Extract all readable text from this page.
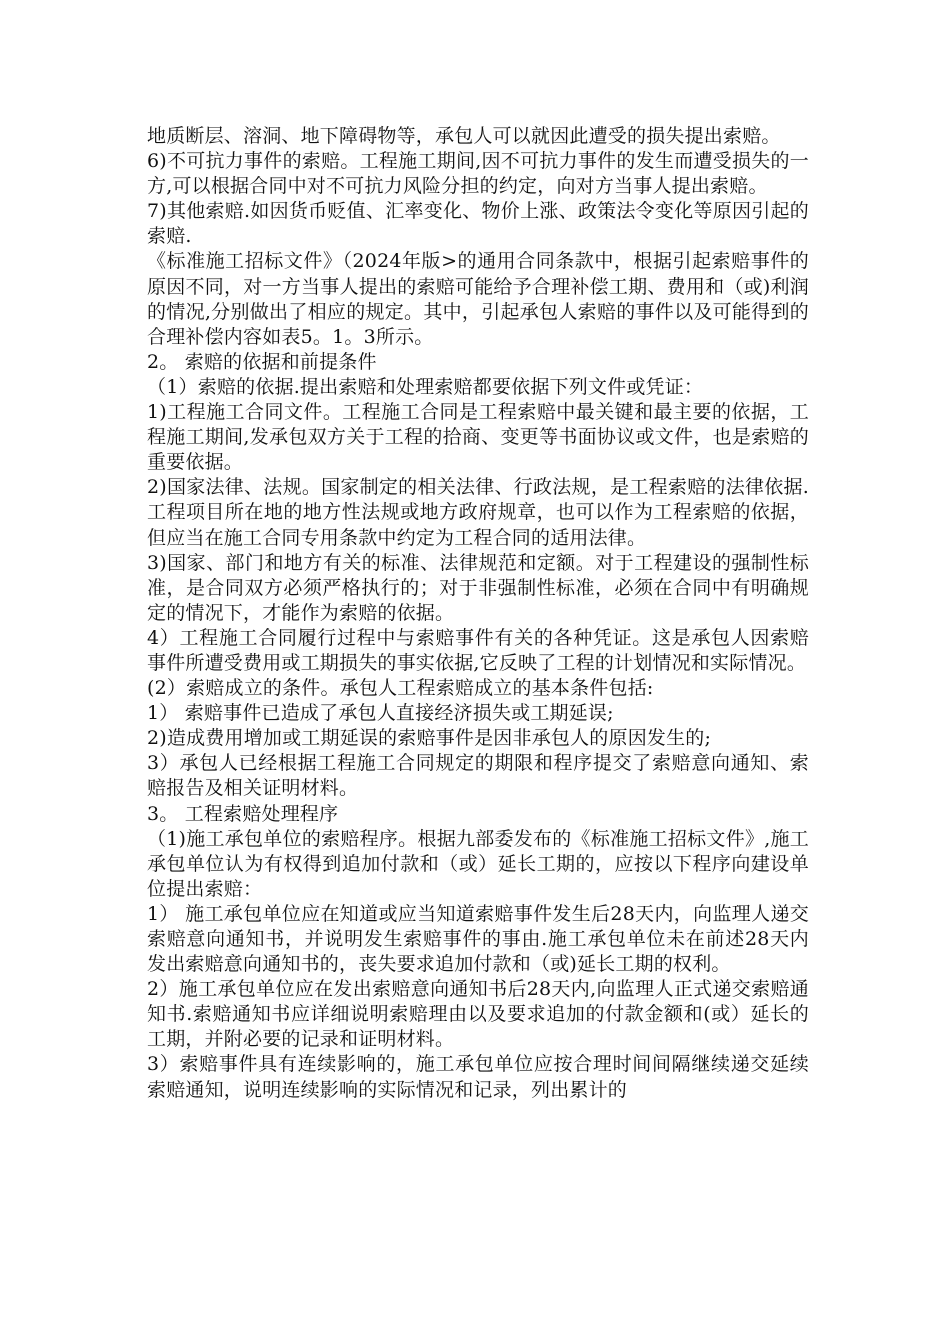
地质断层、溶洞、地下障碍物等，承包人可以就因此遭受的损失提出索赔。

6)不可抗力事件的索赔。工程施工期间,因不可抗力事件的发生而遭受损失的一方,可以根据合同中对不可抗力风险分担的约定，向对方当事人提出索赔。

7)其他索赔.如因货币贬值、汇率变化、物价上涨、政策法令变化等原因引起的索赔.

《标准施工招标文件》（2024年版>的通用合同条款中，根据引起索赔事件的原因不同，对一方当事人提出的索赔可能给予合理补偿工期、费用和（或)利润的情况,分别做出了相应的规定。其中，引起承包人索赔的事件以及可能得到的合理补偿内容如表5。1。3所示。

2。 索赔的依据和前提条件

（1）索赔的依据.提出索赔和处理索赔都要依据下列文件或凭证：

1)工程施工合同文件。工程施工合同是工程索赔中最关键和最主要的依据，工程施工期间,发承包双方关于工程的拾商、变更等书面协议或文件，也是索赔的重要依据。

2)国家法律、法规。国家制定的相关法律、行政法规，是工程索赔的法律依据.工程项目所在地的地方性法规或地方政府规章，也可以作为工程索赔的依据，但应当在施工合同专用条款中约定为工程合同的适用法律。

3)国家、部门和地方有关的标准、法律规范和定额。对于工程建设的强制性标准，是合同双方必须严格执行的；对于非强制性标准，必须在合同中有明确规定的情况下，才能作为索赔的依据。

4）工程施工合同履行过程中与索赔事件有关的各种凭证。这是承包人因索赔事件所遭受费用或工期损失的事实依据,它反映了工程的计划情况和实际情况。

(2）索赔成立的条件。承包人工程索赔成立的基本条件包括:

1） 索赔事件已造成了承包人直接经济损失或工期延误;

2)造成费用增加或工期延误的索赔事件是因非承包人的原因发生的;

3）承包人已经根据工程施工合同规定的期限和程序提交了索赔意向通知、索赔报告及相关证明材料。

3。 工程索赔处理程序

（1)施工承包单位的索赔程序。根据九部委发布的《标准施工招标文件》,施工承包单位认为有权得到追加付款和（或）延长工期的，应按以下程序向建设单位提出索赔：

1） 施工承包单位应在知道或应当知道索赔事件发生后28天内，向监理人递交索赔意向通知书，并说明发生索赔事件的事由.施工承包单位未在前述28天内发出索赔意向通知书的，丧失要求追加付款和（或)延长工期的权利。

2）施工承包单位应在发出索赔意向通知书后28天内,向监理人正式递交索赔通知书.索赔通知书应详细说明索赔理由以及要求追加的付款金额和(或）延长的工期，并附必要的记录和证明材料。

3）索赔事件具有连续影响的，施工承包单位应按合理时间间隔继续递交延续索赔通知，说明连续影响的实际情况和记录，列出累计的
